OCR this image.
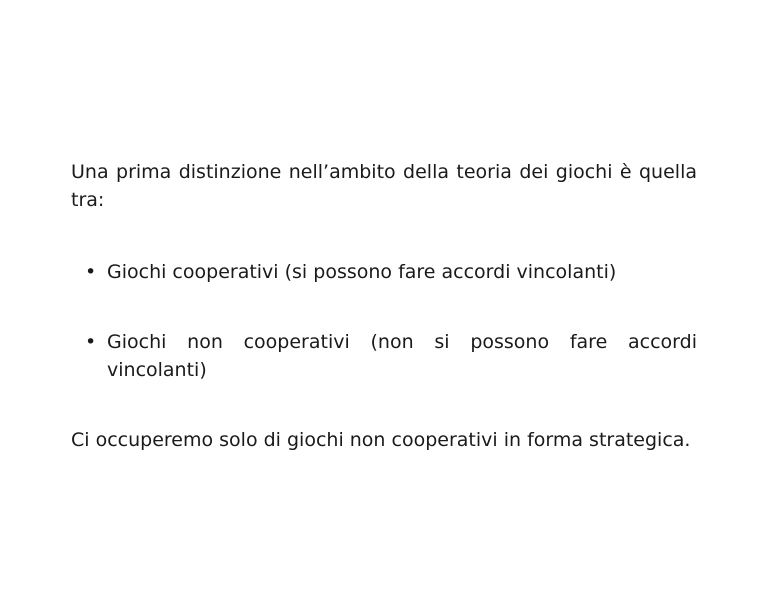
Una prima distinzione nell’ambito della teoria dei giochi è quella tra:

• Giochi cooperativi (si possono fare accordi vincolanti)
• Giochi non cooperativi (non si possono fare accordi vincolanti)

Ci occuperemo solo di giochi non cooperativi in forma strategica.
